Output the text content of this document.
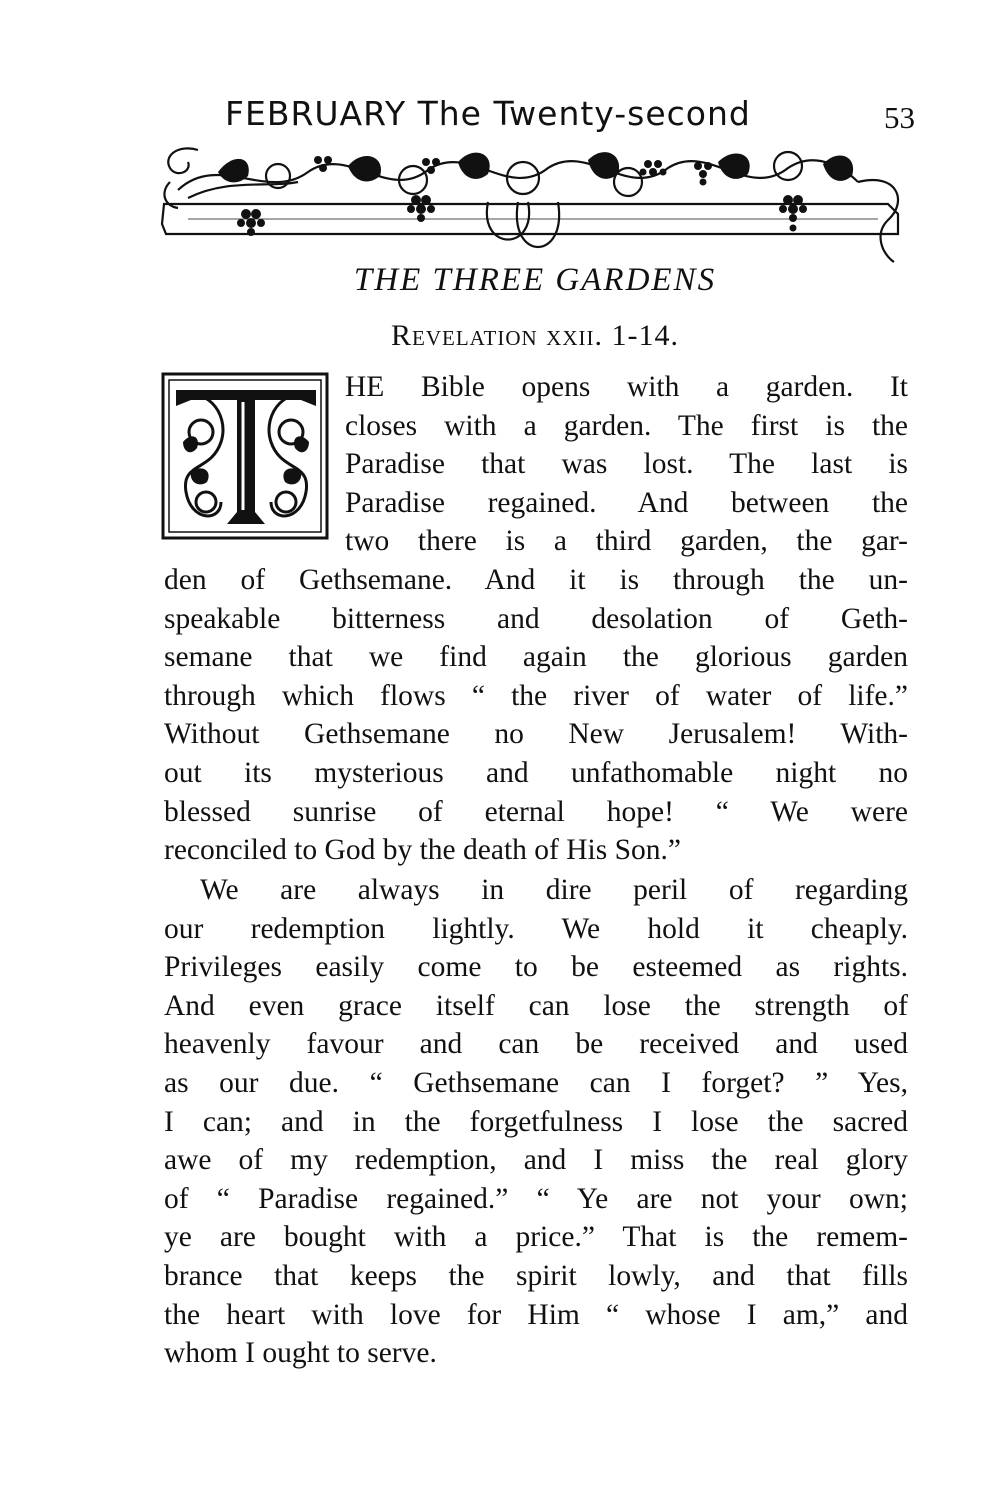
FEBRUARY The Twenty-second	53
THE THREE GARDENS
Revelation xxii. 1-14.
HE Bible opens with a garden. It
closes with a garden. The first is the
Paradise that was lost. The last is
Paradise regained. And between the
two there is a third garden, the gar-
den of Gethsemane. And it is through the un-
speakable bitterness and desolation of Geth-
semane that we find again the glorious garden
through which flows “ the river of water of life.”
Without Gethsemane no New Jerusalem! With-
out its mysterious and unfathomable night no
blessed sunrise of eternal hope! “ We were
reconciled to God by the death of His Son.”
We are always in dire peril of regarding
our redemption lightly. We hold it cheaply.
Privileges easily come to be esteemed as rights.
And even grace itself can lose the strength of
heavenly favour and can be received and used
as our due. “ Gethsemane can I forget? ” Yes,
I can; and in the forgetfulness I lose the sacred
awe of my redemption, and I miss the real glory
of “ Paradise regained.” “ Ye are not your own;
ye are bought with a price.” That is the remem-
brance that keeps the spirit lowly, and that fills
the heart with love for Him “ whose I am,” and
whom I ought to serve.
